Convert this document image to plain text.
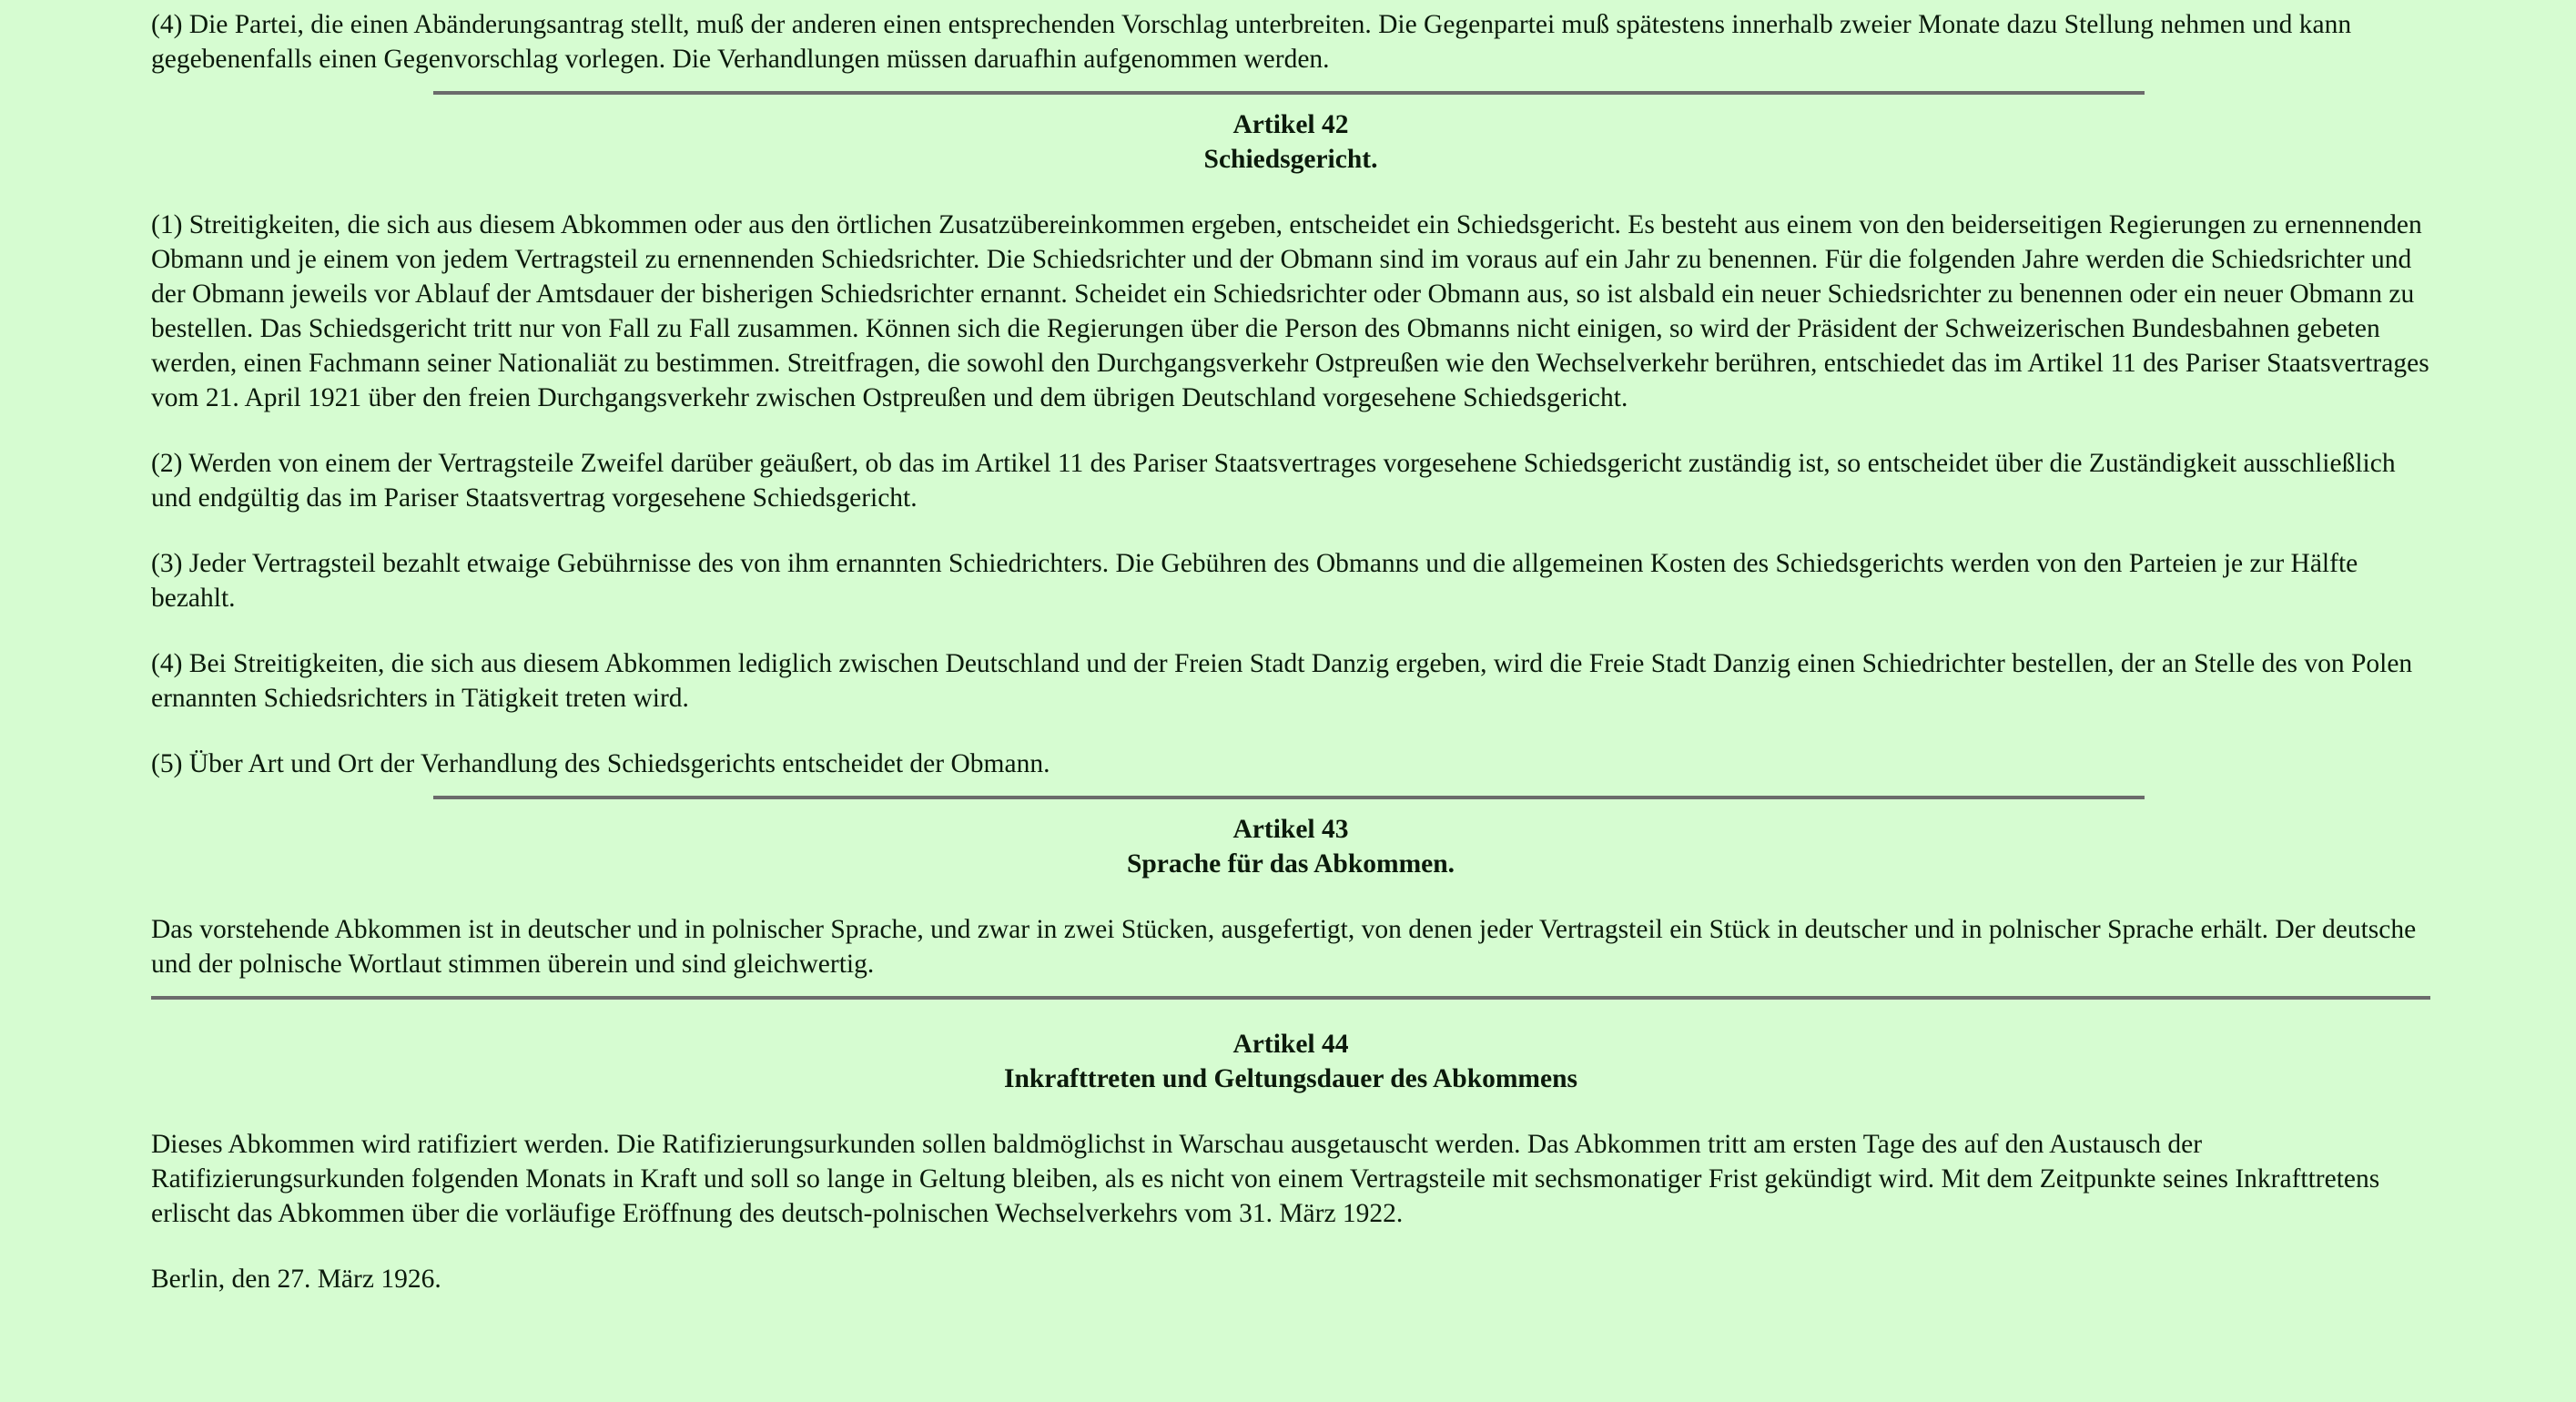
(4) Die Partei, die einen Abänderungsantrag stellt, muß der anderen einen entsprechenden Vorschlag unterbreiten. Die Gegenpartei muß spätestens innerhalb zweier Monate dazu Stellung nehmen und kann gegebenenfalls einen Gegenvorschlag vorlegen. Die Verhandlungen müssen daruafhin aufgenommen werden.

Artikel 42
Schiedsgericht.

(1) Streitigkeiten, die sich aus diesem Abkommen oder aus den örtlichen Zusatzübereinkommen ergeben, entscheidet ein Schiedsgericht. Es besteht aus einem von den beiderseitigen Regierungen zu ernennenden Obmann und je einem von jedem Vertragsteil zu ernennenden Schiedsrichter. Die Schiedsrichter und der Obmann sind im voraus auf ein Jahr zu benennen. Für die folgenden Jahre werden die Schiedsrichter und der Obmann jeweils vor Ablauf der Amtsdauer der bisherigen Schiedsrichter ernannt. Scheidet ein Schiedsrichter oder Obmann aus, so ist alsbald ein neuer Schiedsrichter zu benennen oder ein neuer Obmann zu bestellen. Das Schiedsgericht tritt nur von Fall zu Fall zusammen. Können sich die Regierungen über die Person des Obmanns nicht einigen, so wird der Präsident der Schweizerischen Bundesbahnen gebeten werden, einen Fachmann seiner Nationaliät zu bestimmen. Streitfragen, die sowohl den Durchgangsverkehr Ostpreußen wie den Wechselverkehr berühren, entschiedet das im Artikel 11 des Pariser Staatsvertrages vom 21. April 1921 über den freien Durchgangsverkehr zwischen Ostpreußen und dem übrigen Deutschland vorgesehene Schiedsgericht.

(2) Werden von einem der Vertragsteile Zweifel darüber geäußert, ob das im Artikel 11 des Pariser Staatsvertrages vorgesehene Schiedsgericht zuständig ist, so entscheidet über die Zuständigkeit ausschließlich und endgültig das im Pariser Staatsvertrag vorgesehene Schiedsgericht.

(3) Jeder Vertragsteil bezahlt etwaige Gebührnisse des von ihm ernannten Schiedrichters. Die Gebühren des Obmanns und die allgemeinen Kosten des Schiedsgerichts werden von den Parteien je zur Hälfte bezahlt.

(4) Bei Streitigkeiten, die sich aus diesem Abkommen lediglich zwischen Deutschland und der Freien Stadt Danzig ergeben, wird die Freie Stadt Danzig einen Schiedrichter bestellen, der an Stelle des von Polen ernannten Schiedsrichters in Tätigkeit treten wird.

(5) Über Art und Ort der Verhandlung des Schiedsgerichts entscheidet der Obmann.

Artikel 43
Sprache für das Abkommen.

Das vorstehende Abkommen ist in deutscher und in polnischer Sprache, und zwar in zwei Stücken, ausgefertigt, von denen jeder Vertragsteil ein Stück in deutscher und in polnischer Sprache erhält. Der deutsche und der polnische Wortlaut stimmen überein und sind gleichwertig.

Artikel 44
Inkrafttreten und Geltungsdauer des Abkommens

Dieses Abkommen wird ratifiziert werden. Die Ratifizierungsurkunden sollen baldmöglichst in Warschau ausgetauscht werden. Das Abkommen tritt am ersten Tage des auf den Austausch der Ratifizierungsurkunden folgenden Monats in Kraft und soll so lange in Geltung bleiben, als es nicht von einem Vertragsteile mit sechsmonatiger Frist gekündigt wird. Mit dem Zeitpunkte seines Inkrafttretens erlischt das Abkommen über die vorläufige Eröffnung des deutsch-polnischen Wechselverkehrs vom 31. März 1922.

Berlin, den 27. März 1926.
